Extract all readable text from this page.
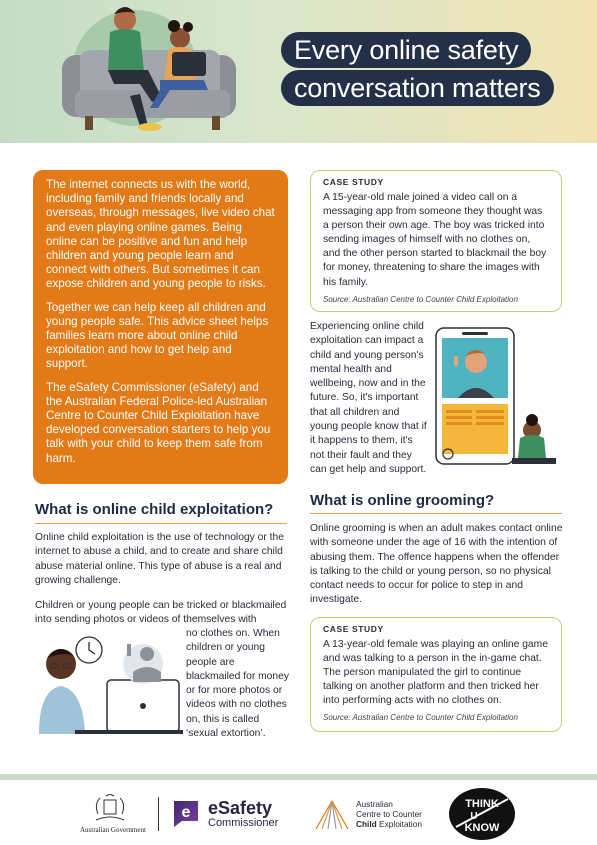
Every online safety
conversation matters

The internet connects us with the world, including family and friends locally and overseas, through messages, live video chat and even playing online games. Being online can be positive and fun and help children and young people learn and connect with others. But sometimes it can expose children and young people to risks.

Together we can help keep all children and young people safe. This advice sheet helps families learn more about online child exploitation and how to get help and support.

The eSafety Commissioner (eSafety) and the Australian Federal Police-led Australian Centre to Counter Child Exploitation have developed conversation starters to help you talk with your child to keep them safe from harm.

CASE STUDY
A 15-year-old male joined a video call on a messaging app from someone they thought was a person their own age. The boy was tricked into sending images of himself with no clothes on, and the other person started to blackmail the boy for money, threatening to share the images with his family.
Source: Australian Centre to Counter Child Exploitation
Experiencing online child exploitation can impact a child and young person's mental health and wellbeing, now and in the future. So, it's important that all children and young people know that if it happens to them, it's not their fault and they can get help and support.
What is online child exploitation?
Online child exploitation is the use of technology or the internet to abuse a child, and to create and share child abuse material online. This type of abuse is a real and growing challenge.
Children or young people can be tricked or blackmailed into sending photos or videos of themselves with
no clothes on. When children or young people are blackmailed for money or for more photos or videos with no clothes on, this is called ‘sexual extortion’.
What is online grooming?
Online grooming is when an adult makes contact online with someone under the age of 16 with the intention of abusing them. The offence happens when the offender is talking to the child or young person, so no physical contact needs to occur for police to step in and investigate.
CASE STUDY
A 13-year-old female was playing an online game and was talking to a person in the in-game chat. The person manipulated the girl to continue talking on another platform and then tricked her into performing acts with no clothes on.
Source: Australian Centre to Counter Child Exploitation
Australian Government
e eSafety
Commissioner
Australian
Centre to Counter
Child Exploitation
THINK
U
KNOW
